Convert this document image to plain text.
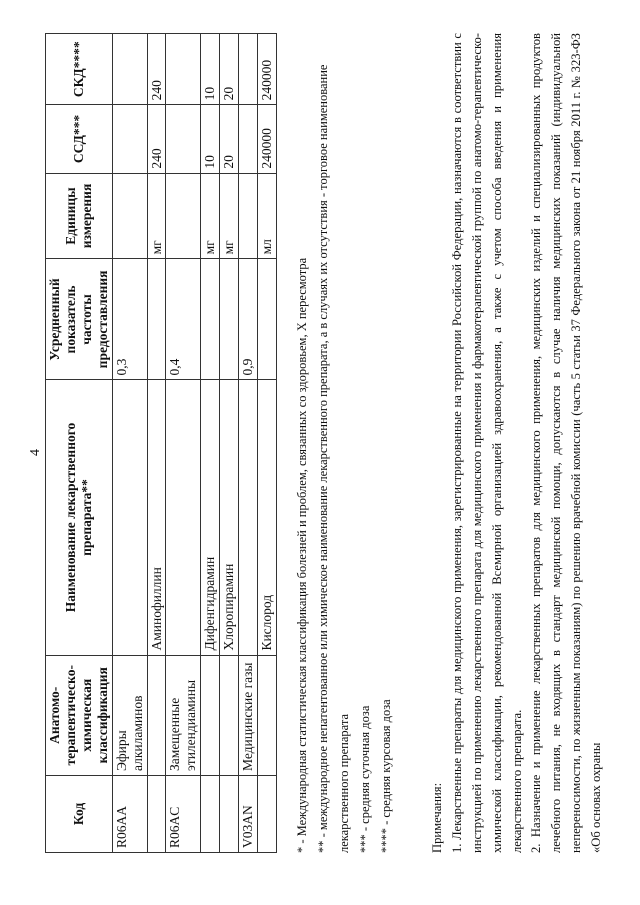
4
Код	Анатомо-терапевтическо-химическая классификация	Наименование лекарственного препарата**	Усредненный показатель частоты предоставления	Единицы измерения	ССД***	СКД****
R06AA	Эфиры алкиламинов		0,3			
		Аминофиллин		мг	240	240
R06AC	Замещенные этилендиамины		0,4			
		Дифенгидрамин		мг	10	10
		Хлоропирамин		мг	20	20
V03AN	Медицинские газы		0,9			
		Кислород		мл	240000	240000

* - Международная статистическая классификация болезней и проблем, связанных со здоровьем, X пересмотра ** - международное непатентованное или химическое наименование лекарственного препарата, а в случаях их отсутствия - торговое наименование лекарственного препарата *** - средняя суточная доза **** - средняя курсовая доза	Примечания: 1. Лекарственные препараты для медицинского применения, зарегистрированные на территории Российской Федерации, назначаются в соответствии с инструкцией по применению лекарственного препарата для медицинского применения и фармакотерапевтической группой по анатомо-терапевтическо-химической классификации, рекомендованной Всемирной организацией здравоохранения, а также с учетом способа введения и применения лекарственного препарата. 2. Назначение и применение лекарственных препаратов для медицинского применения, медицинских изделий и специализированных продуктов лечебного питания, не входящих в стандарт медицинской помощи, допускаются в случае наличия медицинских показаний (индивидуальной непереносимости, по жизненным показаниям) по решению врачебной комиссии (часть 5 статьи 37 Федерального закона от 21 ноября 2011 г. № 323-ФЗ «Об основах охраны
